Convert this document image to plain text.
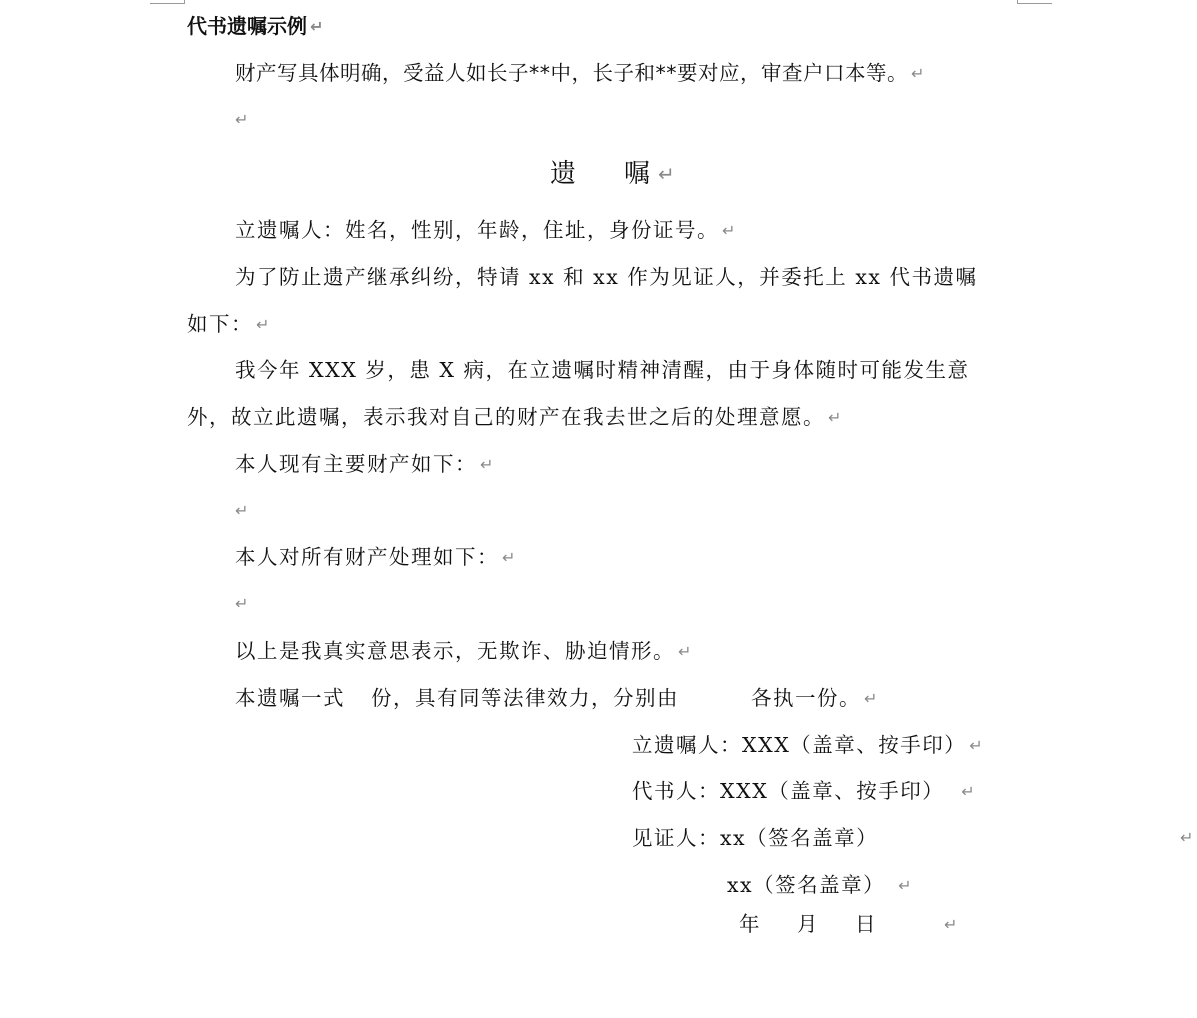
代书遗嘱示例 ↵
财产写具体明确，受益人如长子**中，长子和**要对应，审查户口本等。 ↵
↵
遗 嘱 ↵
立遗嘱人：姓名，性别，年龄，住址，身份证号。 ↵
为了防止遗产继承纠纷，特请 xx 和 xx 作为见证人，并委托上 xx 代书遗嘱
如下： ↵
我今年 XXX 岁，患 X 病，在立遗嘱时精神清醒，由于身体随时可能发生意
外，故立此遗嘱，表示我对自己的财产在我去世之后的处理意愿。 ↵
本人现有主要财产如下： ↵
↵
本人对所有财产处理如下： ↵
↵
以上是我真实意思表示，无欺诈、胁迫情形。 ↵
本遗嘱一式 份，具有同等法律效力，分别由	各执一份。 ↵
立遗嘱人：XXX（盖章、按手印） ↵
代书人：XXX（盖章、按手印） ↵
见证人：xx（签名盖章）	↵
xx（签名盖章） ↵
年 月 日	↵
